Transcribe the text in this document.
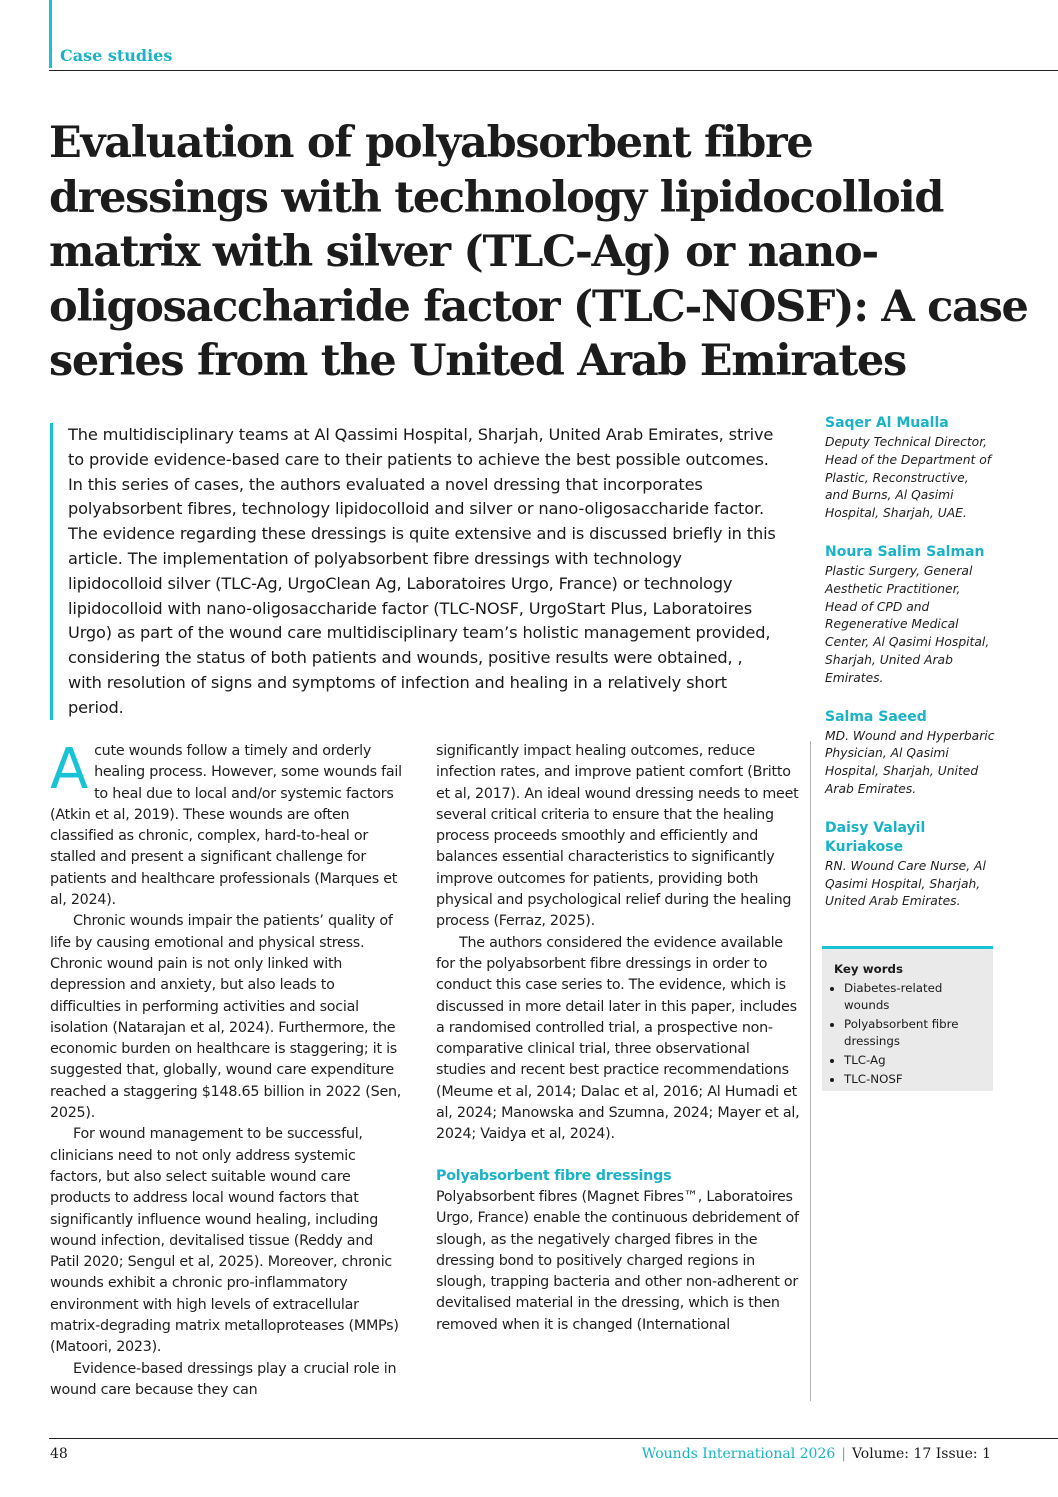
Case studies

Evaluation of polyabsorbent fibre dressings with technology lipidocolloid matrix with silver (TLC-Ag) or nano-oligosaccharide factor (TLC-NOSF): A case series from the United Arab Emirates

The multidisciplinary teams at Al Qassimi Hospital, Sharjah, United Arab Emirates, strive to provide evidence-based care to their patients to achieve the best possible outcomes. In this series of cases, the authors evaluated a novel dressing that incorporates polyabsorbent fibres, technology lipidocolloid and silver or nano-oligosaccharide factor. The evidence regarding these dressings is quite extensive and is discussed briefly in this article. The implementation of polyabsorbent fibre dressings with technology lipidocolloid silver (TLC-Ag, UrgoClean Ag, Laboratoires Urgo, France) or technology lipidocolloid with nano-oligosaccharide factor (TLC-NOSF, UrgoStart Plus, Laboratoires Urgo) as part of the wound care multidisciplinary team’s holistic management provided, considering the status of both patients and wounds, positive results were obtained, , with resolution of signs and symptoms of infection and healing in a relatively short period.

Acute wounds follow a timely and orderly healing process. However, some wounds fail to heal due to local and/or systemic factors (Atkin et al, 2019). These wounds are often classified as chronic, complex, hard-to-heal or stalled and present a significant challenge for patients and healthcare professionals (Marques et al, 2024).

Chronic wounds impair the patients’ quality of life by causing emotional and physical stress. Chronic wound pain is not only linked with depression and anxiety, but also leads to difficulties in performing activities and social isolation (Natarajan et al, 2024). Furthermore, the economic burden on healthcare is staggering; it is suggested that, globally, wound care expenditure reached a staggering $148.65 billion in 2022 (Sen, 2025).

For wound management to be successful, clinicians need to not only address systemic factors, but also select suitable wound care products to address local wound factors that significantly influence wound healing, including wound infection, devitalised tissue (Reddy and Patil 2020; Sengul et al, 2025). Moreover, chronic wounds exhibit a chronic pro-inflammatory environment with high levels of extracellular matrix-degrading matrix metalloproteases (MMPs) (Matoori, 2023).

Evidence-based dressings play a crucial role in wound care because they can

significantly impact healing outcomes, reduce infection rates, and improve patient comfort (Britto et al, 2017). An ideal wound dressing needs to meet several critical criteria to ensure that the healing process proceeds smoothly and efficiently and balances essential characteristics to significantly improve outcomes for patients, providing both physical and psychological relief during the healing process (Ferraz, 2025).

The authors considered the evidence available for the polyabsorbent fibre dressings in order to conduct this case series to. The evidence, which is discussed in more detail later in this paper, includes a randomised controlled trial, a prospective non-comparative clinical trial, three observational studies and recent best practice recommendations (Meume et al, 2014; Dalac et al, 2016; Al Humadi et al, 2024; Manowska and Szumna, 2024; Mayer et al, 2024; Vaidya et al, 2024).

Polyabsorbent fibre dressings

Polyabsorbent fibres (Magnet Fibres™, Laboratoires Urgo, France) enable the continuous debridement of slough, as the negatively charged fibres in the dressing bond to positively charged regions in slough, trapping bacteria and other non-adherent or devitalised material in the dressing, which is then removed when it is changed (International

Saqer Al Mualla
Deputy Technical Director, Head of the Department of Plastic, Reconstructive, and Burns, Al Qasimi Hospital, Sharjah, UAE.
Noura Salim Salman
Plastic Surgery, General Aesthetic Practitioner, Head of CPD and Regenerative Medical Center, Al Qasimi Hospital, Sharjah, United Arab Emirates.
Salma Saeed
MD. Wound and Hyperbaric Physician, Al Qasimi Hospital, Sharjah, United Arab Emirates.
Daisy Valayil Kuriakose
RN. Wound Care Nurse, Al Qasimi Hospital, Sharjah, United Arab Emirates.
Key words
• Diabetes-related wounds
• Polyabsorbent fibre dressings
• TLC-Ag
• TLC-NOSF
48	Wounds International 2026 | Volume: 17 Issue: 1
